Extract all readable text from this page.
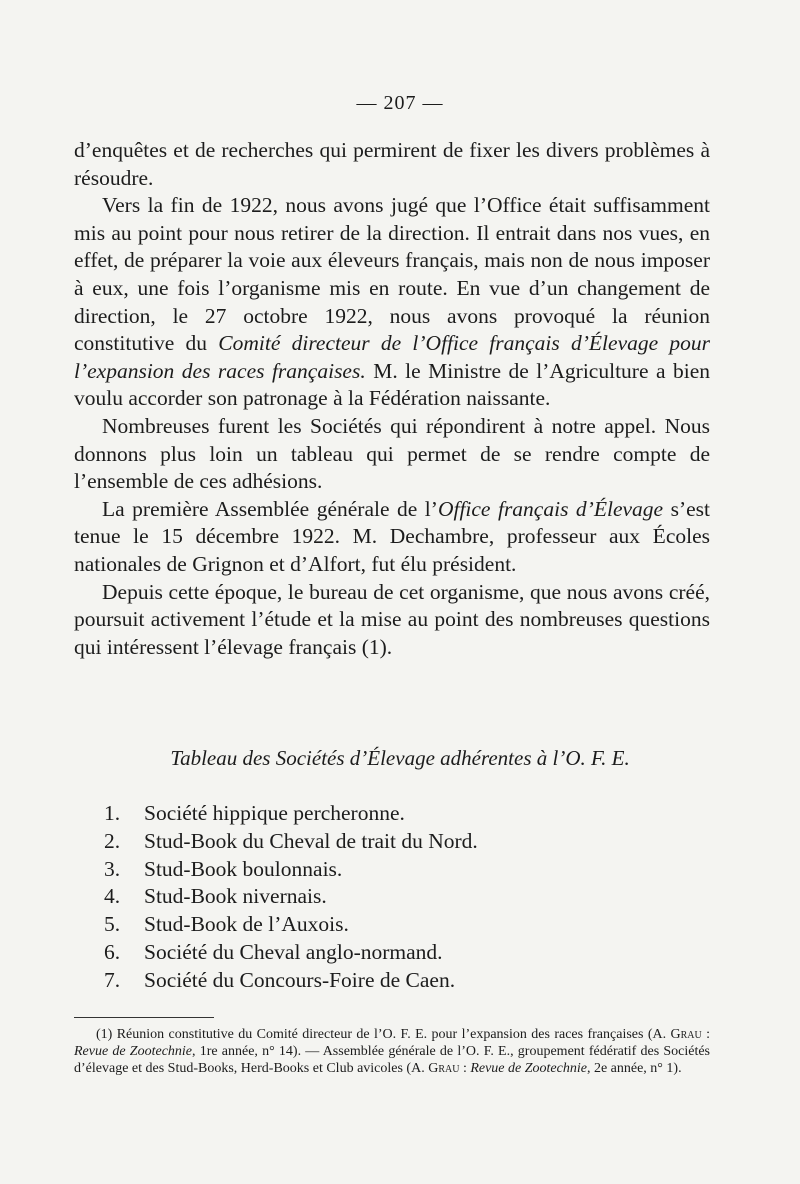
— 207 —

d’enquêtes et de recherches qui permirent de fixer les divers problèmes à résoudre.

Vers la fin de 1922, nous avons jugé que l’Office était suffisamment mis au point pour nous retirer de la direction. Il entrait dans nos vues, en effet, de préparer la voie aux éleveurs français, mais non de nous imposer à eux, une fois l’organisme mis en route. En vue d’un changement de direction, le 27 octobre 1922, nous avons provoqué la réunion constitutive du Comité directeur de l’Office français d’Élevage pour l’expansion des races françaises. M. le Ministre de l’Agriculture a bien voulu accorder son patronage à la Fédération naissante.

Nombreuses furent les Sociétés qui répondirent à notre appel. Nous donnons plus loin un tableau qui permet de se rendre compte de l’ensemble de ces adhésions.

La première Assemblée générale de l’Office français d’Élevage s’est tenue le 15 décembre 1922. M. Dechambre, professeur aux Écoles nationales de Grignon et d’Alfort, fut élu président.

Depuis cette époque, le bureau de cet organisme, que nous avons créé, poursuit activement l’étude et la mise au point des nombreuses questions qui intéressent l’élevage français (1).

Tableau des Sociétés d’Élevage adhérentes à l’O. F. E.
1.	Société hippique percheronne.
2.	Stud-Book du Cheval de trait du Nord.
3.	Stud-Book boulonnais.
4.	Stud-Book nivernais.
5.	Stud-Book de l’Auxois.
6.	Société du Cheval anglo-normand.
7.	Société du Concours-Foire de Caen.

(1) Réunion constitutive du Comité directeur de l’O. F. E. pour l’expansion des races françaises (A. Grau : Revue de Zootechnie, 1re année, n° 14). — Assemblée générale de l’O. F. E., groupement fédératif des Sociétés d’élevage et des Stud-Books, Herd-Books et Club avicoles (A. Grau : Revue de Zootechnie, 2e année, n° 1).
